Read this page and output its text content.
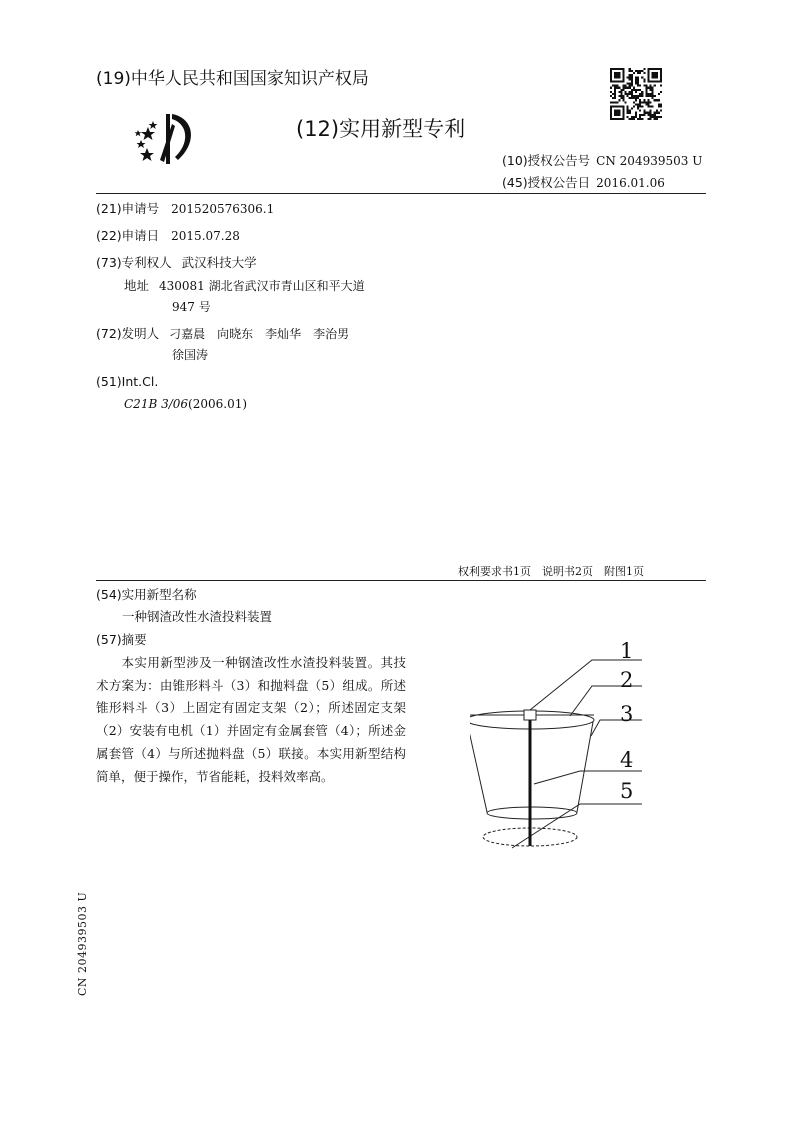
(19)中华人民共和国国家知识产权局
(12)实用新型专利
(10)授权公告号 CN 204939503 U
(45)授权公告日 2016.01.06
(21)申请号 201520576306.1
(22)申请日 2015.07.28
(73)专利权人 武汉科技大学
地址 430081 湖北省武汉市青山区和平大道
947 号
(72)发明人 刁嘉晨　向晓东　李灿华　李治男
徐国涛
(51)Int.Cl.
C21B 3/06(2006.01)
权利要求书1页　说明书2页　附图1页
(54)实用新型名称
一种钢渣改性水渣投料装置
(57)摘要
本实用新型涉及一种钢渣改性水渣投料装置。其技术方案为：由锥形料斗（3）和抛料盘（5）组成。所述锥形料斗（3）上固定有固定支架（2）；所述固定支架（2）安装有电机（1）并固定有金属套管（4）；所述金属套管（4）与所述抛料盘（5）联接。本实用新型结构简单，便于操作，节省能耗，投料效率高。
1
2
3
4
5
CN 204939503 U
